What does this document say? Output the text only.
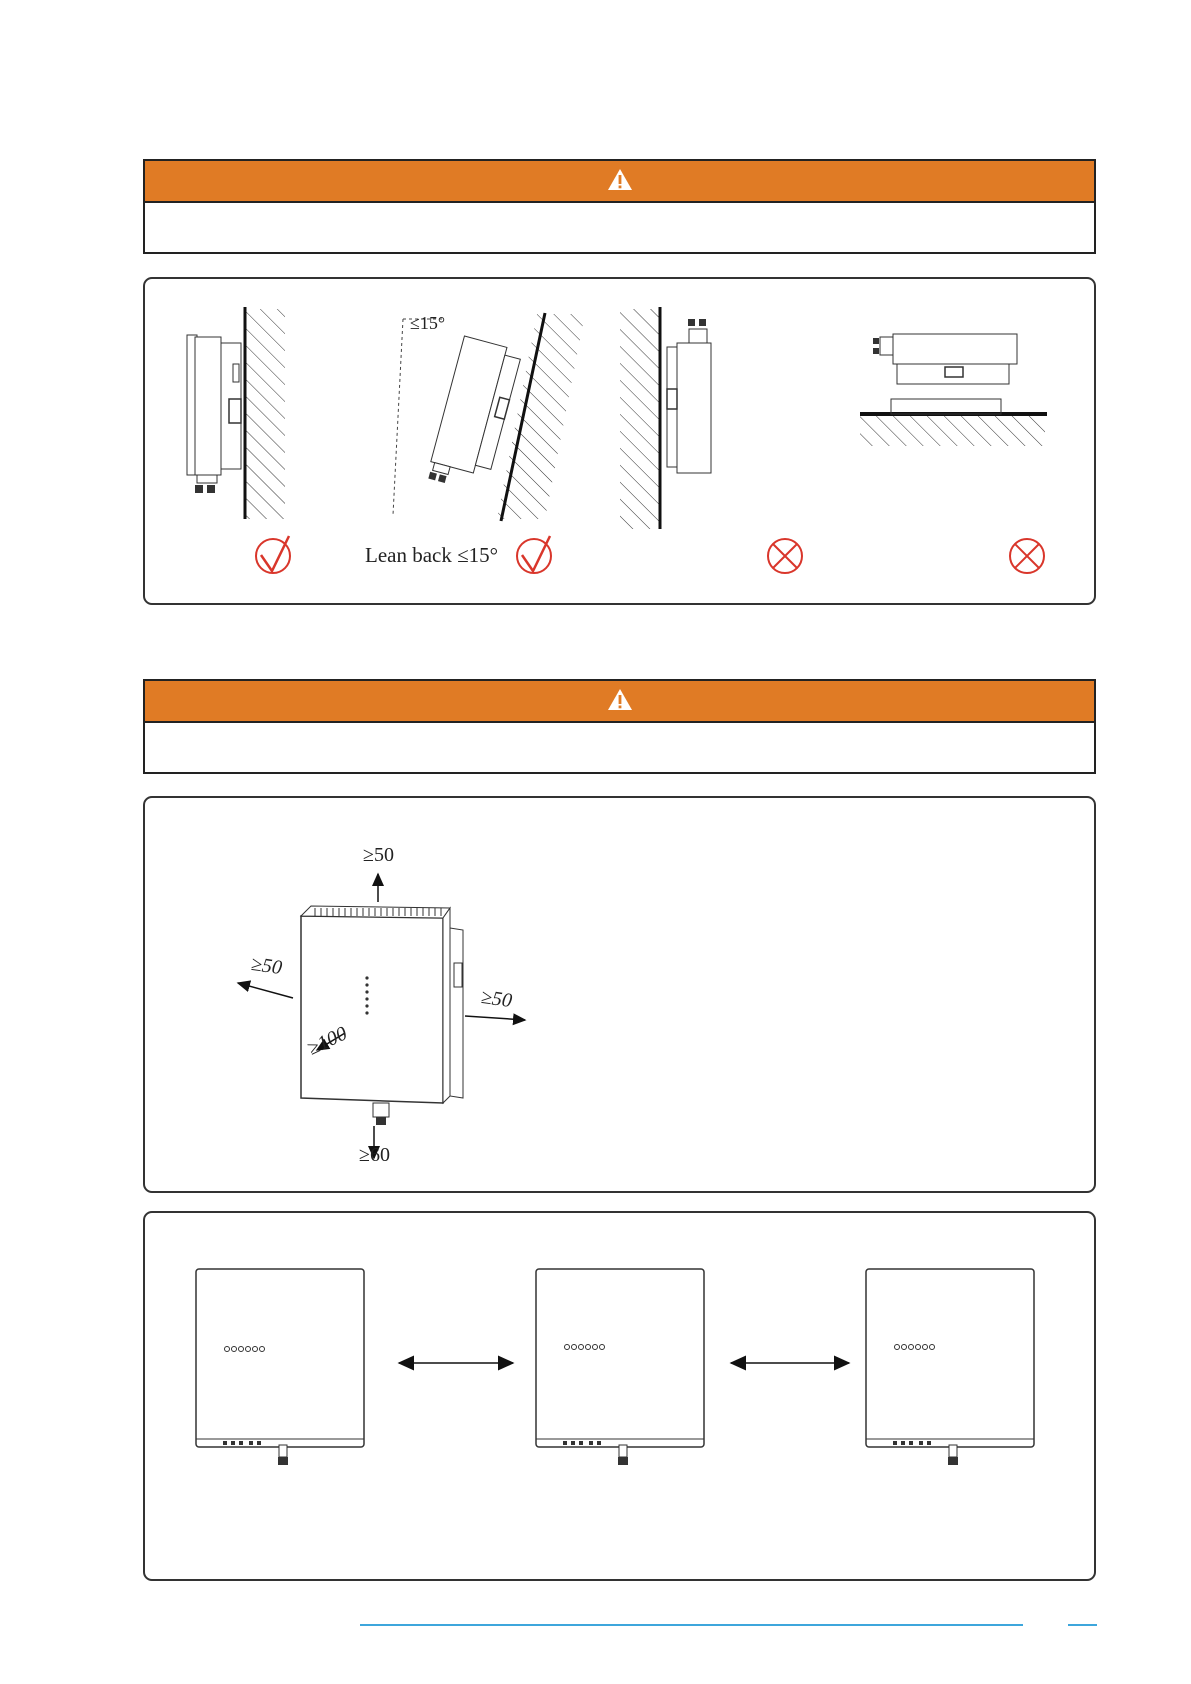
≤15°
Lean back ≤15°
≥50
≥50
≥50
≥100
≥60
